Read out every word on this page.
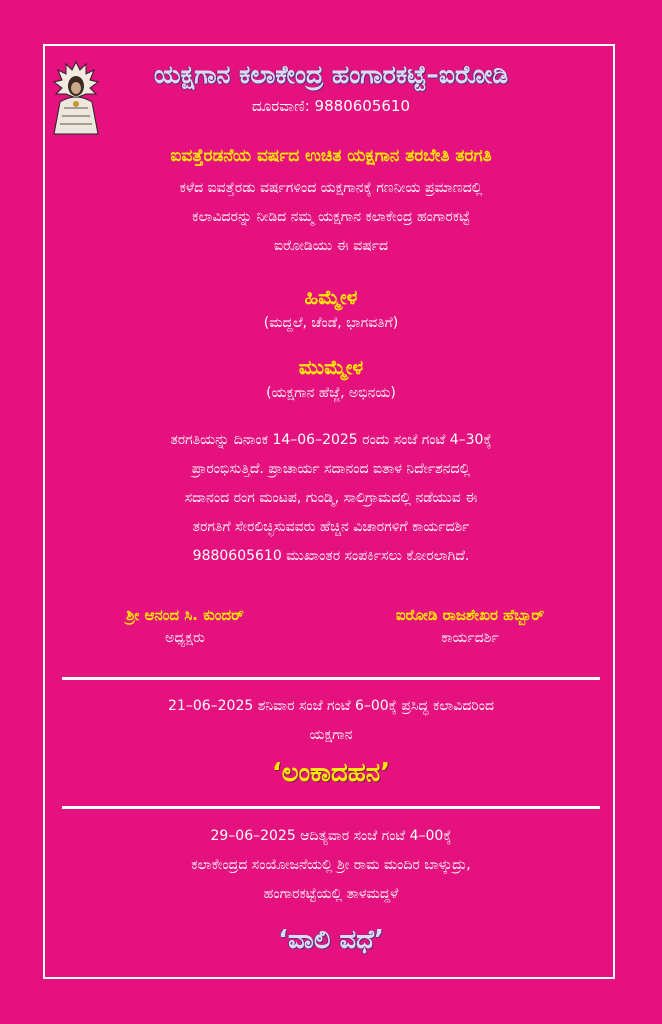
ಯಕ್ಷಗಾನ ಕಲಾಕೇಂದ್ರ ಹಂಗಾರಕಟ್ಟೆ–ಐರೋಡಿ
ದೂರವಾಣಿ: 9880605610
ಐವತ್ತೆರಡನೆಯ ವರ್ಷದ ಉಚಿತ ಯಕ್ಷಗಾನ ತರಬೇತಿ ತರಗತಿ
ಕಳೆದ ಐವತ್ತೆರಡು ವರ್ಷಗಳಿಂದ ಯಕ್ಷಗಾನಕ್ಕೆ ಗಣನೀಯ ಪ್ರಮಾಣದಲ್ಲಿ
ಕಲಾವಿದರನ್ನು ನೀಡಿದ ನಮ್ಮ ಯಕ್ಷಗಾನ ಕಲಾಕೇಂದ್ರ ಹಂಗಾರಕಟ್ಟೆ
ಐರೋಡಿಯು ಈ ವರ್ಷದ
ಹಿಮ್ಮೇಳ
(ಮದ್ದಲೆ, ಚೆಂಡೆ, ಭಾಗವತಿಗೆ)
ಮುಮ್ಮೇಳ
(ಯಕ್ಷಗಾನ ಹೆಜ್ಜೆ, ಅಭಿನಯ)
ತರಗತಿಯನ್ನು ದಿನಾಂಕ 14–06–2025 ರಂದು ಸಂಜೆ ಗಂಟೆ 4–30ಕ್ಕೆ
ಪ್ರಾರಂಭಿಸುತ್ತಿದೆ. ಪ್ರಾಚಾರ್ಯ ಸದಾನಂದ ಐತಾಳ ನಿರ್ದೇಶನದಲ್ಲಿ
ಸದಾನಂದ ರಂಗ ಮಂಟಪ, ಗುಂಡ್ಮಿ, ಸಾಲಿಗ್ರಾಮದಲ್ಲಿ ನಡೆಯುವ ಈ
ತರಗತಿಗೆ ಸೇರಲಿಚ್ಛಿಸುವವರು ಹೆಚ್ಚಿನ ವಿಚಾರಗಳಿಗೆ ಕಾರ್ಯದರ್ಶಿ
9880605610 ಮುಖಾಂತರ ಸಂಪರ್ಕಿಸಲು ಕೋರಲಾಗಿದೆ.
ಶ್ರೀ ಆನಂದ ಸಿ. ಕುಂದರ್
ಅಧ್ಯಕ್ಷರು
ಐರೋಡಿ ರಾಜಶೇಖರ ಹೆಬ್ಬಾರ್
ಕಾರ್ಯದರ್ಶಿ
21–06–2025 ಶನಿವಾರ ಸಂಜೆ ಗಂಟೆ 6–00ಕ್ಕೆ ಪ್ರಸಿದ್ಧ ಕಲಾವಿದರಿಂದ
ಯಕ್ಷಗಾನ
‘ಲಂಕಾದಹನ’
29–06–2025 ಆದಿತ್ಯವಾರ ಸಂಜೆ ಗಂಟೆ 4–00ಕ್ಕೆ
ಕಲಾಕೇಂದ್ರದ ಸಂಯೋಜನೆಯಲ್ಲಿ ಶ್ರೀ ರಾಮ ಮಂದಿರ ಬಾಳ್ಕುದ್ರು,
ಹಂಗಾರಕಟ್ಟೆಯಲ್ಲಿ ತಾಳಮದ್ದಳೆ
‘ವಾಲಿ ವಧೆ’
